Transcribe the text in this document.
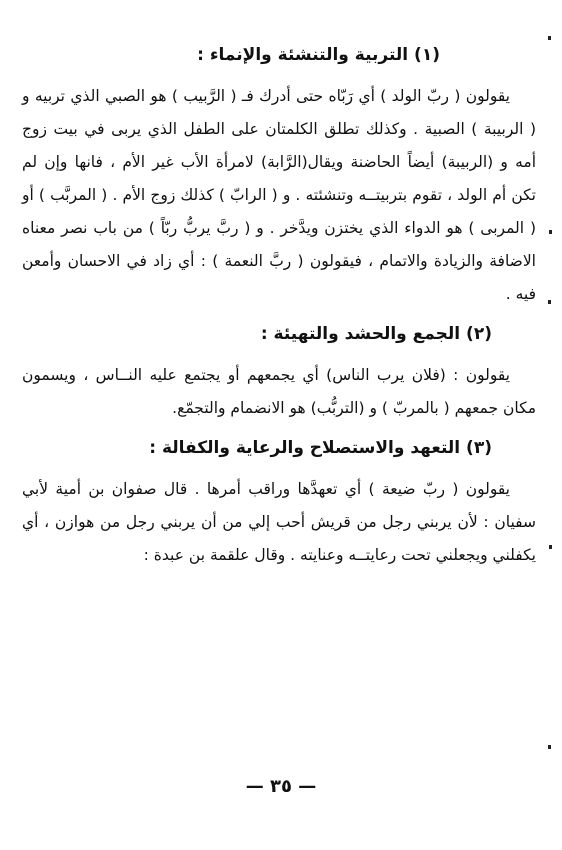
(١) التربية والتنشئة والإنماء :

يقولون ( ربّ الولد ) أي رَبّاه حتى أدرك فـ ( الرَّبيب ) هو الصبي الذي تربيه و ( الربيبة ) الصبية . وكذلك تطلق الكلمتان على الطفل الذي يربى في بيت زوج أمه و (الربيبة) أيضاً الحاضنة ويقال(الرَّابة) لامرأة الأب غير الأم ، فانها وإن لم تكن أم الولد ، تقوم بتربيتــه وتنشئته . و ( الرابّ ) كذلك زوج الأم . ( المربَّب ) أو ( المربى ) هو الدواء الذي يختزن ويدَّخر . و ( ربَّ يربُّ ربّاً ) من باب نصر معناه الاضافة والزيادة والاتمام ، فيقولون ( ربَّ النعمة ) : أي زاد في الاحسان وأمعن فيه .

(٢) الجمع والحشد والتهيئة :

يقولون : (فلان يرب الناس) أي يجمعهم أو يجتمع عليه النــاس ، ويسمون مكان جمعهم ( بالمربّ ) و (التربُّب) هو الانضمام والتجمّع.

(٣) التعهد والاستصلاح والرعاية والكفالة :

يقولون ( ربّ ضيعة ) أي تعهدَّها وراقب أمرها . قال صفوان بن أمية لأبي سفيان : لأن يربني رجل من قريش أحب إلي من أن يربني رجل من هوازن ، أي يكفلني ويجعلني تحت رعايتــه وعنايته . وقال علقمة بن عبدة :

— ٣٥ —
